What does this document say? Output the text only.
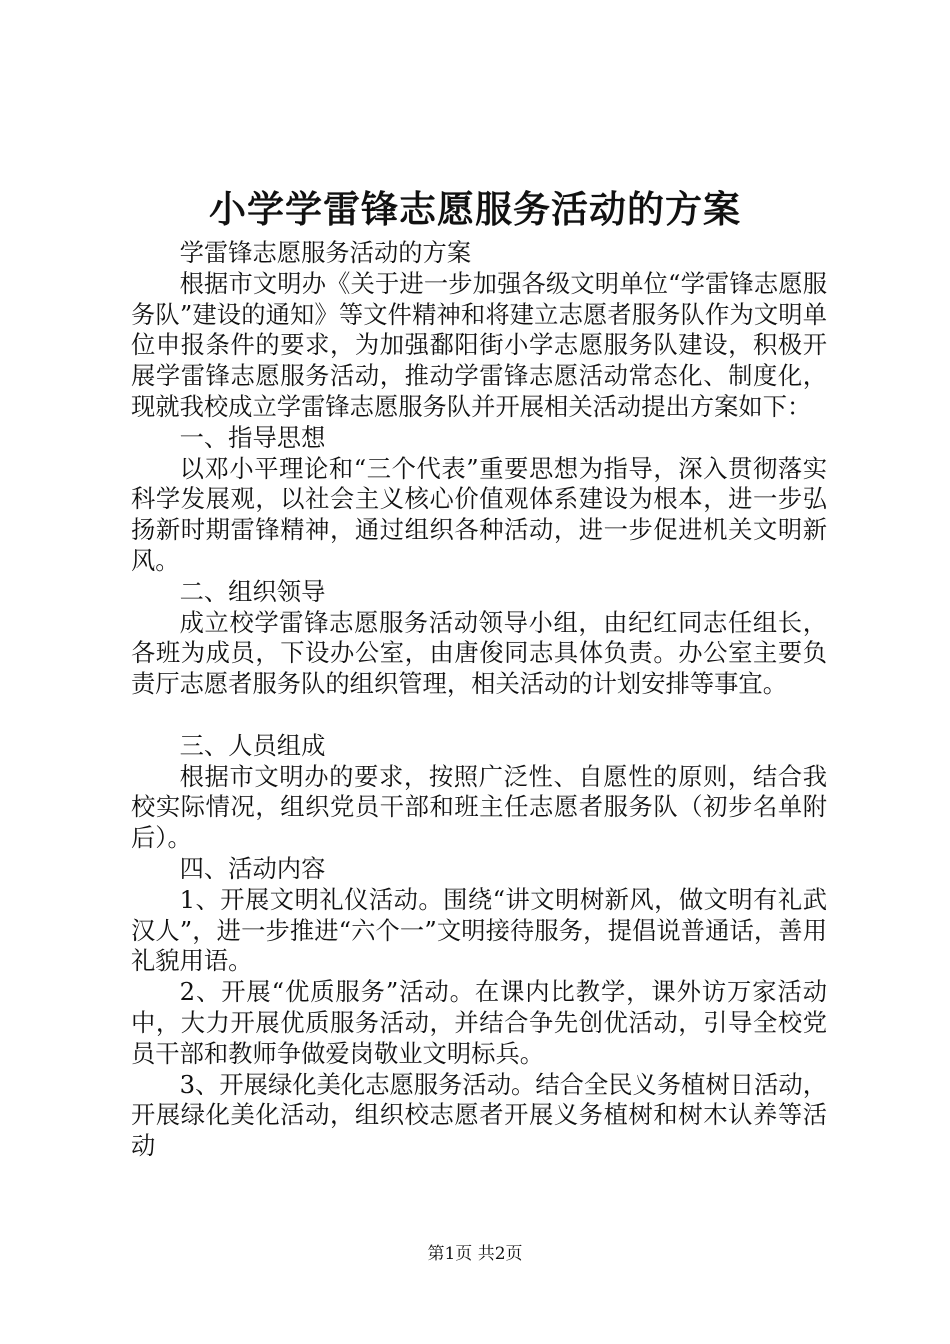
小学学雷锋志愿服务活动的方案

学雷锋志愿服务活动的方案

根据市文明办《关于进一步加强各级文明单位“学雷锋志愿服务队”建设的通知》等文件精神和将建立志愿者服务队作为文明单位申报条件的要求，为加强鄱阳街小学志愿服务队建设，积极开展学雷锋志愿服务活动，推动学雷锋志愿活动常态化、制度化，现就我校成立学雷锋志愿服务队并开展相关活动提出方案如下：

一、指导思想

以邓小平理论和“三个代表”重要思想为指导，深入贯彻落实科学发展观，以社会主义核心价值观体系建设为根本，进一步弘扬新时期雷锋精神，通过组织各种活动，进一步促进机关文明新风。

二、组织领导

成立校学雷锋志愿服务活动领导小组，由纪红同志任组长，各班为成员，下设办公室，由唐俊同志具体负责。办公室主要负责厅志愿者服务队的组织管理，相关活动的计划安排等事宜。

三、人员组成

根据市文明办的要求，按照广泛性、自愿性的原则，结合我校实际情况，组织党员干部和班主任志愿者服务队（初步名单附后）。

四、活动内容

1、开展文明礼仪活动。围绕“讲文明树新风，做文明有礼武汉人”，进一步推进“六个一”文明接待服务，提倡说普通话，善用礼貌用语。

2、开展“优质服务”活动。在课内比教学，课外访万家活动中，大力开展优质服务活动，并结合争先创优活动，引导全校党员干部和教师争做爱岗敬业文明标兵。

3、开展绿化美化志愿服务活动。结合全民义务植树日活动，开展绿化美化活动，组织校志愿者开展义务植树和树木认养等活动

第1页 共2页
